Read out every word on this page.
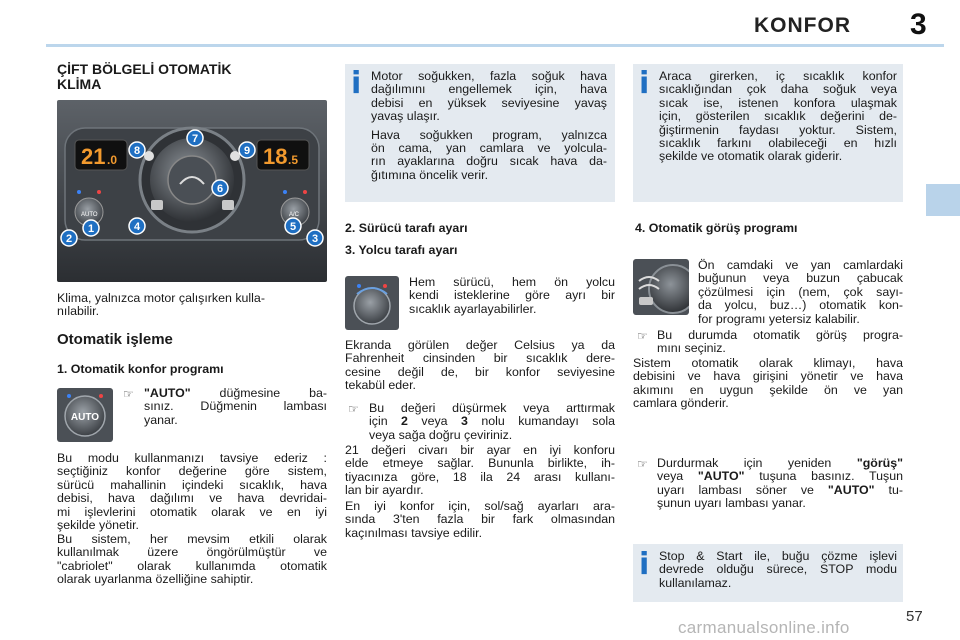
KONFOR 3
ÇİFT BÖLGELİ OTOMATİK
KLİMA
21 .0	18 .5
AUTO	A/C
1
2	3
4	5
6
7
8	9
Klima, yalnızca motor çalışırken kulla-
nılabilir.
Otomatik işleme
1. Otomatik konfor programı
AUTO
☞ "AUTO" düğmesine ba-
sınız. Düğmenin lambası
yanar.
Bu modu kullanmanızı tavsiye ederiz :
seçtiğiniz konfor değerine göre sistem,
sürücü mahallinin içindeki sıcaklık, hava
debisi, hava dağılımı ve hava devridai-
mi işlevlerini otomatik olarak ve en iyi
şekilde yönetir.
Bu sistem, her mevsim etkili olarak
kullanılmak üzere öngörülmüştür ve
"cabriolet" olarak kullanımda otomatik
olarak uyarlanma özelliğine sahiptir.
i Motor soğukken, fazla soğuk hava
dağılımını engellemek için, hava
debisi en yüksek seviyesine yavaş
yavaş ulaşır.
Hava soğukken program, yalnızca
ön cama, yan camlara ve yolcula-
rın ayaklarına doğru sıcak hava da-
ğıtımına öncelik verir.
2. Sürücü tarafı ayarı
3. Yolcu tarafı ayarı
Hem sürücü, hem ön yolcu
kendi isteklerine göre ayrı bir
sıcaklık ayarlayabilirler.
Ekranda görülen değer Celsius ya da
Fahrenheit cinsinden bir sıcaklık dere-
cesine değil de, bir konfor seviyesine
tekabül eder.
☞ Bu değeri düşürmek veya arttırmak
için 2 veya 3 nolu kumandayı sola
veya sağa doğru çeviriniz.
21 değeri civarı bir ayar en iyi konforu
elde etmeye sağlar. Bununla birlikte, ih-
tiyacınıza göre, 18 ila 24 arası kullanı-
lan bir ayardır.
En iyi konfor için, sol/sağ ayarları ara-
sında 3'ten fazla bir fark olmasından
kaçınılması tavsiye edilir.
i Araca girerken, iç sıcaklık konfor
sıcaklığından çok daha soğuk veya
sıcak ise, istenen konfora ulaşmak
için, gösterilen sıcaklık değerini de-
ğiştirmenin faydası yoktur. Sistem,
sıcaklık farkını olabileceği en hızlı
şekilde ve otomatik olarak giderir.
4. Otomatik görüş programı
Ön camdaki ve yan camlardaki
buğunun veya buzun çabucak
çözülmesi için (nem, çok sayı-
da yolcu, buz…) otomatik kon-
for programı yetersiz kalabilir.
☞ Bu durumda otomatik görüş progra-
mını seçiniz.
Sistem otomatik olarak klimayı, hava
debisini ve hava girişini yönetir ve hava
akımını en uygun şekilde ön ve yan
camlara gönderir.
☞ Durdurmak için yeniden "görüş"
veya "AUTO" tuşuna basınız. Tuşun
uyarı lambası söner ve "AUTO" tu-
şunun uyarı lambası yanar.
i Stop & Start ile, buğu çözme işlevi
devrede olduğu sürece, STOP modu
kullanılamaz.
57
carmanualsonline.info
